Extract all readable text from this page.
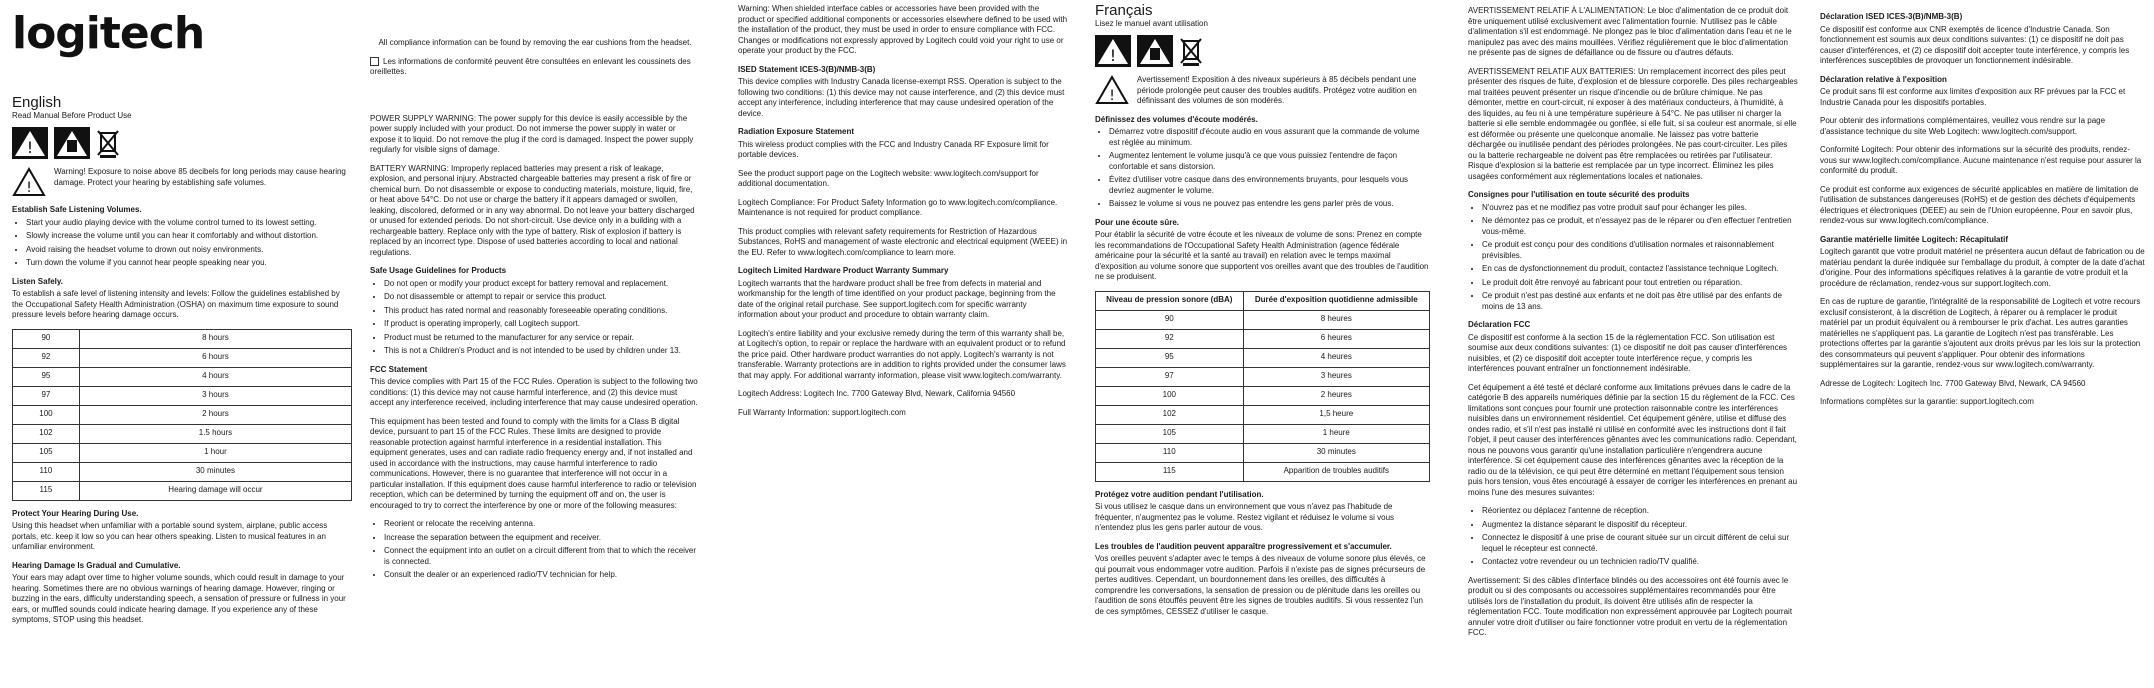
logitech
English
Read Manual Before Product Use
!
!
Warning! Exposure to noise above 85 decibels for long periods may cause hearing damage. Protect your hearing by establishing safe volumes.
Establish Safe Listening Volumes.
• Start your audio playing device with the volume control turned to its lowest setting.
• Slowly increase the volume until you can hear it comfortably and without distortion.
• Avoid raising the headset volume to drown out noisy environments.
• Turn down the volume if you cannot hear people speaking near you.
Listen Safely.

To establish a safe level of listening intensity and levels: Follow the guidelines established by the Occupational Safety Health Administration (OSHA) on maximum time exposure to sound pressure levels before hearing damage occurs.

90	8 hours
92	6 hours
95	4 hours
97	3 hours
100	2 hours
102	1.5 hours
105	1 hour
110	30 minutes
115	Hearing damage will occur
Protect Your Hearing During Use.

Using this headset when unfamiliar with a portable sound system, airplane, public access portals, etc. keep it low so you can hear others speaking. Listen to musical features in an unfamiliar environment.

Hearing Damage Is Gradual and Cumulative.

Your ears may adapt over time to higher volume sounds, which could result in damage to your hearing. Sometimes there are no obvious warnings of hearing damage. However, ringing or buzzing in the ears, difficulty understanding speech, a sensation of pressure or fullness in your ears, or muffled sounds could indicate hearing damage. If you experience any of these symptoms, STOP using this headset.

All compliance information can be found by removing the ear cushions from the headset.

Les informations de conformité peuvent être consultées en enlevant les coussinets des oreillettes.

POWER SUPPLY WARNING: The power supply for this device is easily accessible by the power supply included with your product. Do not immerse the power supply in water or expose it to liquid. Do not remove the plug if the cord is damaged. Inspect the power supply regularly for visible signs of damage.

BATTERY WARNING: Improperly replaced batteries may present a risk of leakage, explosion, and personal injury. Abstracted chargeable batteries may present a risk of fire or chemical burn. Do not disassemble or expose to conducting materials, moisture, liquid, fire, or heat above 54°C. Do not use or charge the battery if it appears damaged or swollen, leaking, discolored, deformed or in any way abnormal. Do not leave your battery discharged or unused for extended periods. Do not short-circuit. Use device only in a building with a rechargeable battery. Replace only with the type of battery. Risk of explosion if battery is replaced by an incorrect type. Dispose of used batteries according to local and national regulations.

Safe Usage Guidelines for Products
• Do not open or modify your product except for battery removal and replacement.
• Do not disassemble or attempt to repair or service this product.
• This product has rated normal and reasonably foreseeable operating conditions.
• If product is operating improperly, call Logitech support.
• Product must be returned to the manufacturer for any service or repair.
• This is not a Children's Product and is not intended to be used by children under 13.
FCC Statement

This device complies with Part 15 of the FCC Rules. Operation is subject to the following two conditions: (1) this device may not cause harmful interference, and (2) this device must accept any interference received, including interference that may cause undesired operation.

This equipment has been tested and found to comply with the limits for a Class B digital device, pursuant to part 15 of the FCC Rules. These limits are designed to provide reasonable protection against harmful interference in a residential installation. This equipment generates, uses and can radiate radio frequency energy and, if not installed and used in accordance with the instructions, may cause harmful interference to radio communications. However, there is no guarantee that interference will not occur in a particular installation. If this equipment does cause harmful interference to radio or television reception, which can be determined by turning the equipment off and on, the user is encouraged to try to correct the interference by one or more of the following measures:

• Reorient or relocate the receiving antenna.
• Increase the separation between the equipment and receiver.
• Connect the equipment into an outlet on a circuit different from that to which the receiver is connected.
• Consult the dealer or an experienced radio/TV technician for help.

Warning: When shielded interface cables or accessories have been provided with the product or specified additional components or accessories elsewhere defined to be used with the installation of the product, they must be used in order to ensure compliance with FCC. Changes or modifications not expressly approved by Logitech could void your right to use or operate your product by the FCC.

ISED Statement ICES-3(B)/NMB-3(B)

This device complies with Industry Canada license-exempt RSS. Operation is subject to the following two conditions: (1) this device may not cause interference, and (2) this device must accept any interference, including interference that may cause undesired operation of the device.

Radiation Exposure Statement

This wireless product complies with the FCC and Industry Canada RF Exposure limit for portable devices.

See the product support page on the Logitech website: www.logitech.com/support for additional documentation.

Logitech Compliance: For Product Safety Information go to www.logitech.com/compliance. Maintenance is not required for product compliance.

This product complies with relevant safety requirements for Restriction of Hazardous Substances, RoHS and management of waste electronic and electrical equipment (WEEE) in the EU. Refer to www.logitech.com/compliance to learn more.

Logitech Limited Hardware Product Warranty Summary

Logitech warrants that the hardware product shall be free from defects in material and workmanship for the length of time identified on your product package, beginning from the date of the original retail purchase. See support.logitech.com for specific warranty information about your product and procedure to obtain warranty claim.

Logitech's entire liability and your exclusive remedy during the term of this warranty shall be, at Logitech's option, to repair or replace the hardware with an equivalent product or to refund the price paid. Other hardware product warranties do not apply. Logitech's warranty is not transferable. Warranty protections are in addition to rights provided under the consumer laws that may apply. For additional warranty information, please visit www.logitech.com/warranty.

Logitech Address: Logitech Inc. 7700 Gateway Blvd, Newark, California 94560

Full Warranty Information: support.logitech.com

Français
Lisez le manuel avant utilisation
!
!
Avertissement! Exposition à des niveaux supérieurs à 85 décibels pendant une période prolongée peut causer des troubles auditifs. Protégez votre audition en définissant des volumes de son modérés.
Définissez des volumes d'écoute modérés.
• Démarrez votre dispositif d'écoute audio en vous assurant que la commande de volume est réglée au minimum.
• Augmentez lentement le volume jusqu'à ce que vous puissiez l'entendre de façon confortable et sans distorsion.
• Évitez d'utiliser votre casque dans des environnements bruyants, pour lesquels vous devriez augmenter le volume.
• Baissez le volume si vous ne pouvez pas entendre les gens parler près de vous.
Pour une écoute sûre.

Pour établir la sécurité de votre écoute et les niveaux de volume de sons: Prenez en compte les recommandations de l'Occupational Safety Health Administration (agence fédérale américaine pour la sécurité et la santé au travail) en relation avec le temps maximal d'exposition au volume sonore que supportent vos oreilles avant que des troubles de l'audition ne se produisent.

Niveau de pression sonore (dBA)	Durée d'exposition quotidienne admissible
90	8 heures
92	6 heures
95	4 heures
97	3 heures
100	2 heures
102	1,5 heure
105	1 heure
110	30 minutes
115	Apparition de troubles auditifs
Protégez votre audition pendant l'utilisation.

Si vous utilisez le casque dans un environnement que vous n'avez pas l'habitude de fréquenter, n'augmentez pas le volume. Restez vigilant et réduisez le volume si vous n'entendez plus les gens parler autour de vous.

Les troubles de l'audition peuvent apparaître progressivement et s'accumuler.

Vos oreilles peuvent s'adapter avec le temps à des niveaux de volume sonore plus élevés, ce qui pourrait vous endommager votre audition. Parfois il n'existe pas de signes précurseurs de pertes auditives. Cependant, un bourdonnement dans les oreilles, des difficultés à comprendre les conversations, la sensation de pression ou de plénitude dans les oreilles ou l'audition de sons étouffés peuvent être les signes de troubles auditifs. Si vous ressentez l'un de ces symptômes, CESSEZ d'utiliser le casque.

AVERTISSEMENT RELATIF À L'ALIMENTATION: Le bloc d'alimentation de ce produit doit être uniquement utilisé exclusivement avec l'alimentation fournie. N'utilisez pas le câble d'alimentation s'il est endommagé. Ne plongez pas le bloc d'alimentation dans l'eau et ne le manipulez pas avec des mains mouillées. Vérifiez régulièrement que le bloc d'alimentation ne présente pas de signes de défaillance ou de fissure ou d'autres défauts.

AVERTISSEMENT RELATIF AUX BATTERIES: Un remplacement incorrect des piles peut présenter des risques de fuite, d'explosion et de blessure corporelle. Des piles rechargeables mal traitées peuvent présenter un risque d'incendie ou de brûlure chimique. Ne pas démonter, mettre en court-circuit, ni exposer à des matériaux conducteurs, à l'humidité, à des liquides, au feu ni à une température supérieure à 54°C. Ne pas utiliser ni charger la batterie si elle semble endommagée ou gonflée, si elle fuit, si sa couleur est anormale, si elle est déformée ou présente une quelconque anomalie. Ne laissez pas votre batterie déchargée ou inutilisée pendant des périodes prolongées. Ne pas court-circuiter. Les piles ou la batterie rechargeable ne doivent pas être remplacées ou retirées par l'utilisateur. Risque d'explosion si la batterie est remplacée par un type incorrect. Éliminez les piles usagées conformément aux réglementations locales et nationales.

Consignes pour l'utilisation en toute sécurité des produits
• N'ouvrez pas et ne modifiez pas votre produit sauf pour échanger les piles.
• Ne démontez pas ce produit, et n'essayez pas de le réparer ou d'en effectuer l'entretien vous-même.
• Ce produit est conçu pour des conditions d'utilisation normales et raisonnablement prévisibles.
• En cas de dysfonctionnement du produit, contactez l'assistance technique Logitech.
• Le produit doit être renvoyé au fabricant pour tout entretien ou réparation.
• Ce produit n'est pas destiné aux enfants et ne doit pas être utilisé par des enfants de moins de 13 ans.
Déclaration FCC

Ce dispositif est conforme à la section 15 de la réglementation FCC. Son utilisation est soumise aux deux conditions suivantes: (1) ce dispositif ne doit pas causer d'interférences nuisibles, et (2) ce dispositif doit accepter toute interférence reçue, y compris les interférences pouvant entraîner un fonctionnement indésirable.

Cet équipement a été testé et déclaré conforme aux limitations prévues dans le cadre de la catégorie B des appareils numériques définie par la section 15 du règlement de la FCC. Ces limitations sont conçues pour fournir une protection raisonnable contre les interférences nuisibles dans un environnement résidentiel. Cet équipement génère, utilise et diffuse des ondes radio, et s'il n'est pas installé ni utilisé en conformité avec les instructions dont il fait l'objet, il peut causer des interférences gênantes avec les communications radio. Cependant, nous ne pouvons vous garantir qu'une installation particulière n'engendrera aucune interférence. Si cet équipement cause des interférences gênantes avec la réception de la radio ou de la télévision, ce qui peut être déterminé en mettant l'équipement sous tension puis hors tension, vous êtes encouragé à essayer de corriger les interférences en prenant au moins l'une des mesures suivantes:

• Réorientez ou déplacez l'antenne de réception.
• Augmentez la distance séparant le dispositif du récepteur.
• Connectez le dispositif à une prise de courant située sur un circuit différent de celui sur lequel le récepteur est connecté.
• Contactez votre revendeur ou un technicien radio/TV qualifié.

Avertissement: Si des câbles d'interface blindés ou des accessoires ont été fournis avec le produit ou si des composants ou accessoires supplémentaires recommandés pour être utilisés lors de l'installation du produit, ils doivent être utilisés afin de respecter la réglementation FCC. Toute modification non expressément approuvée par Logitech pourrait annuler votre droit d'utiliser ou faire fonctionner votre produit en vertu de la réglementation FCC.

Déclaration ISED ICES-3(B)/NMB-3(B)

Ce dispositif est conforme aux CNR exemptés de licence d'Industrie Canada. Son fonctionnement est soumis aux deux conditions suivantes: (1) ce dispositif ne doit pas causer d'interférences, et (2) ce dispositif doit accepter toute interférence, y compris les interférences susceptibles de provoquer un fonctionnement indésirable.

Déclaration relative à l'exposition

Ce produit sans fil est conforme aux limites d'exposition aux RF prévues par la FCC et Industrie Canada pour les dispositifs portables.

Pour obtenir des informations complémentaires, veuillez vous rendre sur la page d'assistance technique du site Web Logitech: www.logitech.com/support.

Conformité Logitech: Pour obtenir des informations sur la sécurité des produits, rendez-vous sur www.logitech.com/compliance. Aucune maintenance n'est requise pour assurer la conformité du produit.

Ce produit est conforme aux exigences de sécurité applicables en matière de limitation de l'utilisation de substances dangereuses (RoHS) et de gestion des déchets d'équipements électriques et électroniques (DEEE) au sein de l'Union européenne. Pour en savoir plus, rendez-vous sur www.logitech.com/compliance.

Garantie matérielle limitée Logitech: Récapitulatif

Logitech garantit que votre produit matériel ne présentera aucun défaut de fabrication ou de matériau pendant la durée indiquée sur l'emballage du produit, à compter de la date d'achat d'origine. Pour des informations spécifiques relatives à la garantie de votre produit et la procédure de réclamation, rendez-vous sur support.logitech.com.

En cas de rupture de garantie, l'intégralité de la responsabilité de Logitech et votre recours exclusif consisteront, à la discrétion de Logitech, à réparer ou à remplacer le produit matériel par un produit équivalent ou à rembourser le prix d'achat. Les autres garanties matérielles ne s'appliquent pas. La garantie de Logitech n'est pas transférable. Les protections offertes par la garantie s'ajoutent aux droits prévus par les lois sur la protection des consommateurs qui peuvent s'appliquer. Pour obtenir des informations supplémentaires sur la garantie, rendez-vous sur www.logitech.com/warranty.

Adresse de Logitech: Logitech Inc. 7700 Gateway Blvd, Newark, CA 94560

Informations complètes sur la garantie: support.logitech.com
